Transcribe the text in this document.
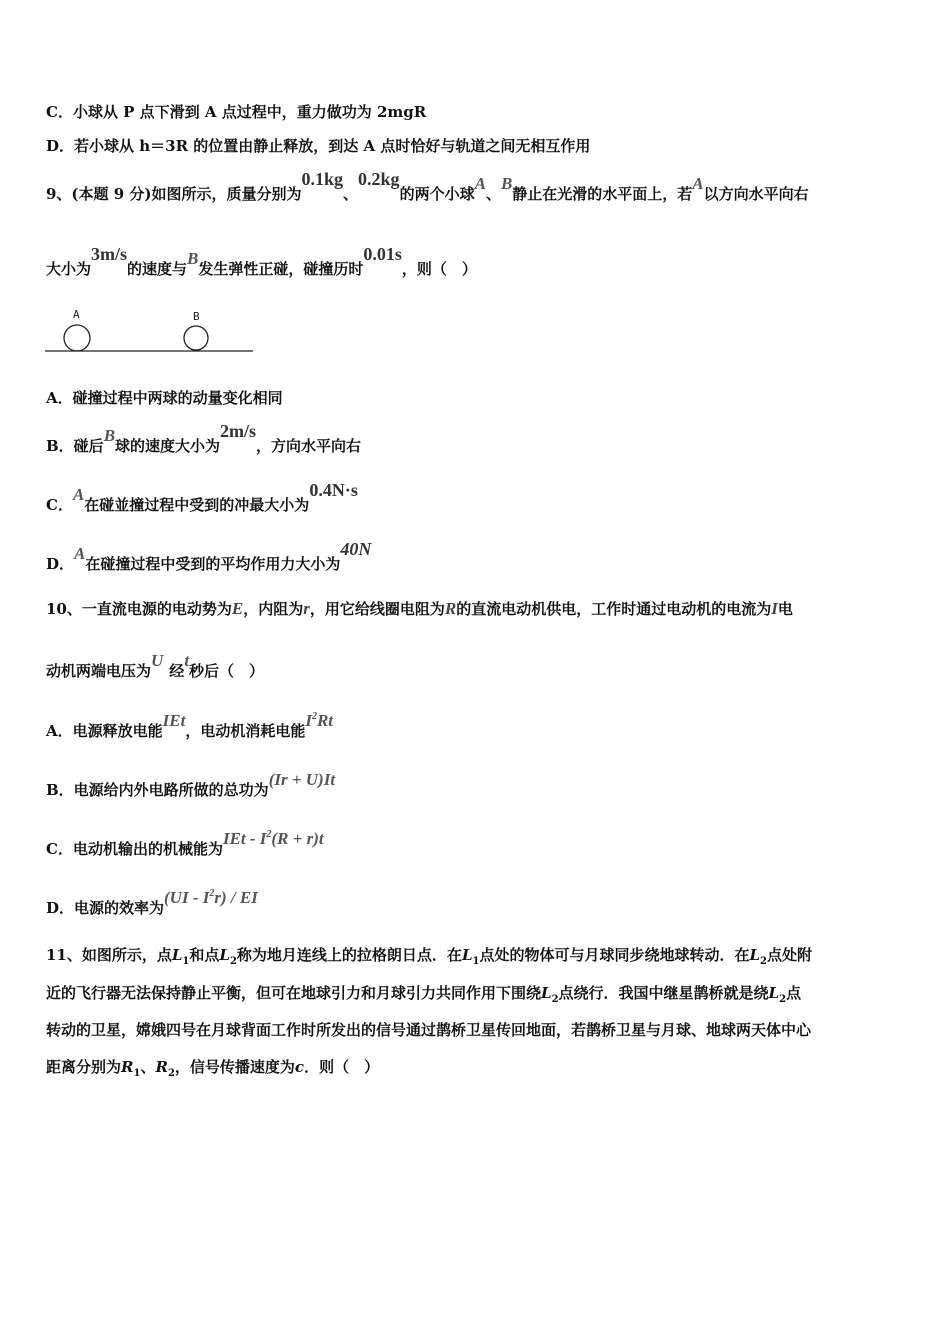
C．小球从 P 点下滑到 A 点过程中，重力做功为 2mgR
D．若小球从 h＝3R 的位置由静止释放，到达 A 点时恰好与轨道之间无相互作用
9、(本题 9 分)如图所示，质量分别为0.1kg、0.2kg的两个小球A、B静止在光滑的水平面上，若A以方向水平向右
大小为3m/s的速度与B发生弹性正碰，碰撞历时0.01s，则（　）
A	B
A．碰撞过程中两球的动量变化相同
B．碰后B球的速度大小为2m/s，方向水平向右
C．A在碰並撞过程中受到的冲最大小为0.4N·s
D．A在碰撞过程中受到的平均作用力大小为40N
10、一直流电源的电动势为E，内阻为r，用它给线圈电阻为R的直流电动机供电，工作时通过电动机的电流为I电
动机两端电压为U经t秒后（　）
A．电源释放电能IEt，电动机消耗电能$I^2Rt$
B．电源给内外电路所做的总功为(Ir + U)It
C．电动机输出的机械能为IEt - $I^2(R + r)t$
D．电源的效率为$(UI - I^2r)$ / EI
11、如图所示，点$L_1$和点$L_2$称为地月连线上的拉格朗日点．在$L_1$点处的物体可与月球同步绕地球转动．在$L_2$点处附
近的飞行器无法保持静止平衡，但可在地球引力和月球引力共同作用下围绕$L_2$点绕行．我国中继星鹊桥就是绕$L_2$点
转动的卫星，嫦娥四号在月球背面工作时所发出的信号通过鹊桥卫星传回地面，若鹊桥卫星与月球、地球两天体中心
距离分别为$R_1$、$R_2$，信号传播速度为c．则（　）
